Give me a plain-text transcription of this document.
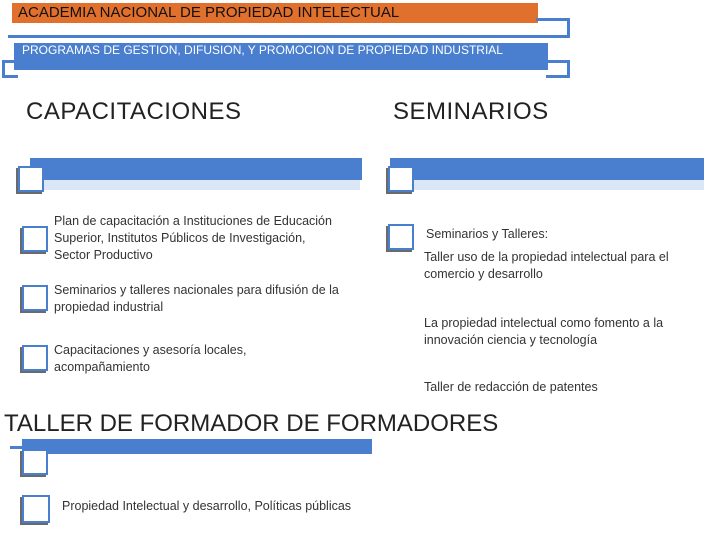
ACADEMIA NACIONAL DE PROPIEDAD INTELECTUAL
PROGRAMAS DE GESTION, DIFUSION, Y PROMOCION DE PROPIEDAD INDUSTRIAL
CAPACITACIONES
Plan de capacitación a Instituciones de Educación Superior, Institutos Públicos de Investigación, Sector Productivo
Seminarios y talleres nacionales para difusión de la propiedad industrial
Capacitaciones y asesoría locales, acompañamiento
SEMINARIOS
Seminarios y Talleres:
Taller uso de la propiedad intelectual para el comercio y desarrollo
La propiedad intelectual como fomento a la innovación ciencia y tecnología
Taller de redacción de patentes
TALLER DE FORMADOR DE FORMADORES
Propiedad Intelectual y desarrollo, Políticas públicas
